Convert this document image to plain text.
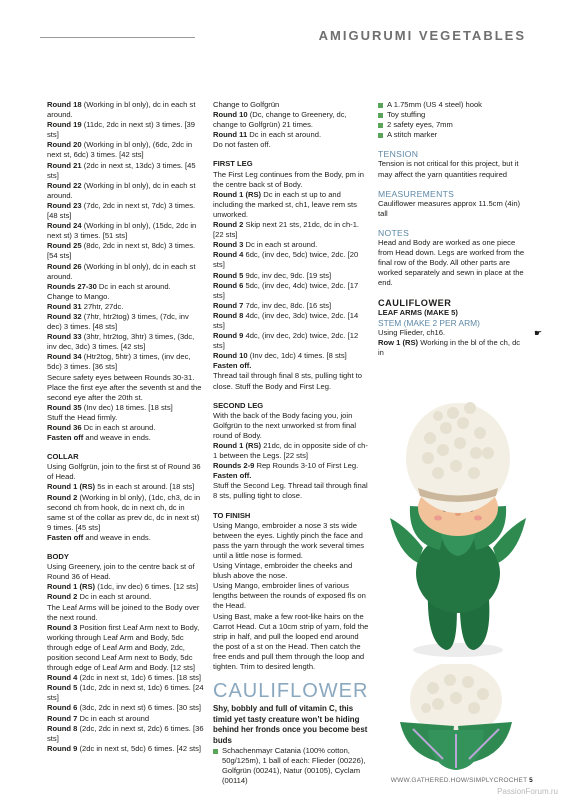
AMIGURUMI VEGETABLES

Round 18 (Working in bl only), dc in each st around.

Round 19 (11dc, 2dc in next st) 3 times. [39 sts]

Round 20 (Working in bl only), (6dc, 2dc in next st, 6dc) 3 times. [42 sts]

Round 21 (2dc in next st, 13dc) 3 times. [45 sts]

Round 22 (Working in bl only), dc in each st around.

Round 23 (7dc, 2dc in next st, 7dc) 3 times. [48 sts]

Round 24 (Working in bl only), (15dc, 2dc in next st) 3 times. [51 sts]

Round 25 (8dc, 2dc in next st, 8dc) 3 times. [54 sts]

Round 26 (Working in bl only), dc in each st around.

Rounds 27-30 Dc in each st around.

Change to Mango.

Round 31 27htr, 27dc.

Round 32 (7htr, htr2tog) 3 times, (7dc, inv dec) 3 times. [48 sts]

Round 33 (3htr, htr2tog, 3htr) 3 times, (3dc, inv dec, 3dc) 3 times. [42 sts]

Round 34 (Htr2tog, 5htr) 3 times, (inv dec, 5dc) 3 times. [36 sts]

Secure safety eyes between Rounds 30-31. Place the first eye after the seventh st and the second eye after the 20th st.

Round 35 (Inv dec) 18 times. [18 sts]

Stuff the Head firmly.

Round 36 Dc in each st around.

Fasten off and weave in ends.

COLLAR

Using Golfgrün, join to the first st of Round 36 of Head.

Round 1 (RS) 5s in each st around. [18 sts]

Round 2 (Working in bl only), (1dc, ch3, dc in second ch from hook, dc in next ch, dc in same st of the collar as prev dc, dc in next st) 9 times. [45 sts]

Fasten off and weave in ends.

BODY

Using Greenery, join to the centre back st of Round 36 of Head.

Round 1 (RS) (1dc, inv dec) 6 times. [12 sts]

Round 2 Dc in each st around.

The Leaf Arms will be joined to the Body over the next round.

Round 3 Position first Leaf Arm next to Body, working through Leaf Arm and Body, 5dc through edge of Leaf Arm and Body, 2dc, position second Leaf Arm next to Body, 5dc through edge of Leaf Arm and Body. [12 sts]

Round 4 (2dc in next st, 1dc) 6 times. [18 sts]

Round 5 (1dc, 2dc in next st, 1dc) 6 times. [24 sts]

Round 6 (3dc, 2dc in next st) 6 times. [30 sts]

Round 7 Dc in each st around

Round 8 (2dc, 2dc in next st, 2dc) 6 times. [36 sts]

Round 9 (2dc in next st, 5dc) 6 times. [42 sts]

Change to Golfgrün

Round 10 (Dc, change to Greenery, dc, change to Golfgrün) 21 times.

Round 11 Dc in each st around.

Do not fasten off.

FIRST LEG

The First Leg continues from the Body, pm in the centre back st of Body.

Round 1 (RS) Dc in each st up to and including the marked st, ch1, leave rem sts unworked.

Round 2 Skip next 21 sts, 21dc, dc in ch-1. [22 sts]

Round 3 Dc in each st around.

Round 4 6dc, (inv dec, 5dc) twice, 2dc. [20 sts]

Round 5 9dc, inv dec, 9dc. [19 sts]

Round 6 5dc, (inv dec, 4dc) twice, 2dc. [17 sts]

Round 7 7dc, inv dec, 8dc. [16 sts]

Round 8 4dc, (inv dec, 3dc) twice, 2dc. [14 sts]

Round 9 4dc, (inv dec, 2dc) twice, 2dc. [12 sts]

Round 10 (Inv dec, 1dc) 4 times. [8 sts]

Fasten off.

Thread tail through final 8 sts, pulling tight to close. Stuff the Body and First Leg.

SECOND LEG

With the back of the Body facing you, join Golfgrün to the next unworked st from final round of Body.

Round 1 (RS) 21dc, dc in opposite side of ch-1 between the Legs. [22 sts]

Rounds 2-9 Rep Rounds 3-10 of First Leg.

Fasten off.

Stuff the Second Leg. Thread tail through final 8 sts, pulling tight to close.

TO FINISH

Using Mango, embroider a nose 3 sts wide between the eyes. Lightly pinch the face and pass the yarn through the work several times until a little nose is formed.

Using Vintage, embroider the cheeks and blush above the nose.

Using Mango, embroider lines of various lengths between the rounds of exposed fls on the Head.

Using Bast, make a few root-like hairs on the Carrot Head. Cut a 10cm strip of yarn, fold the strip in half, and pull the looped end around the post of a st on the Head. Then catch the free ends and pull them through the loop and tighten. Trim to desired length.

CAULIFLOWER

Shy, bobbly and full of vitamin C, this timid yet tasty creature won’t be hiding behind her fronds once you become best buds

Schachenmayr Catania (100% cotton, 50g/125m), 1 ball of each: Flieder (00226), Golfgrün (00241), Natur (00105), Cyclam (00114)
A 1.75mm (US 4 steel) hook
Toy stuffing
2 safety eyes, 7mm
A stitch marker

TENSION

Tension is not critical for this project, but it may affect the yarn quantities required

MEASUREMENTS

Cauliflower measures approx 11.5cm (4in) tall

NOTES

Head and Body are worked as one piece from Head down. Legs are worked from the final row of the Body. All other parts are worked separately and sewn in place at the end.

CAULIFLOWER

LEAF ARMS (MAKE 5)

STEM (MAKE 2 PER ARM)

Using Flieder, ch16.

Row 1 (RS) Working in the bl of the ch, dc in

☛
WWW.GATHERED.HOW/SIMPLYCROCHET 5
PassionForum.ru
